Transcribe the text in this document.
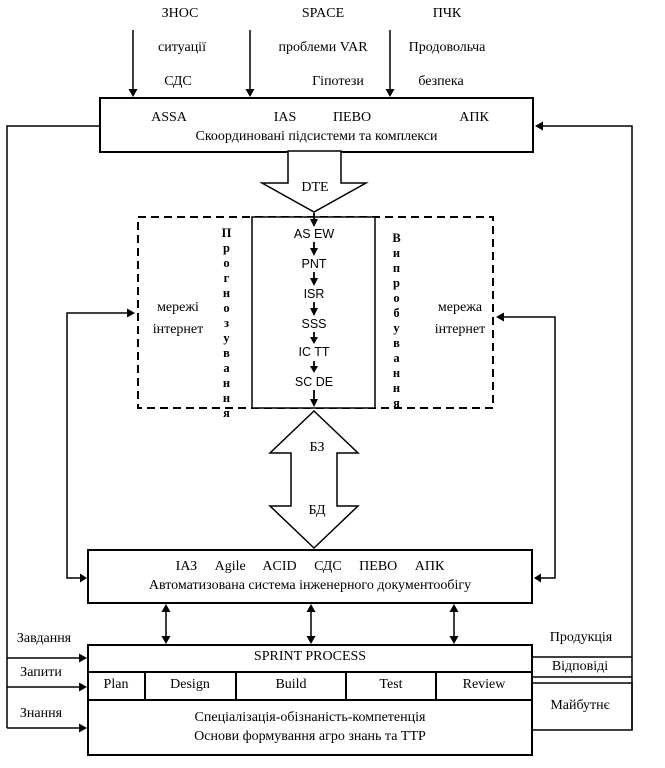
ЗНОС	SPACE	ПЧК
ситуації	проблеми VAR	Продовольча
СДС	Гіпотези	безпека
ASSA	IAS	ПЕВО	АПК
Скоординовані підсистеми та комплекси
DTE
мережі інтернет	Прогнозування	AS EW
PNT
ISR
SSS
IC TT
SC DE	Випробування	мережа інтернет
БЗ
БД
ІАЗ Agile ACID СДС ПЕВО АПК
Автоматизована система інженерного документообігу
SPRINT PROCESS
Plan	Design	Build	Test	Review
Спеціалізація-обізнаність-компетенція
Основи формування агро знань та ТТР
Завдання
Запити
Знання
Продукція
Відповіді
Майбутнє
